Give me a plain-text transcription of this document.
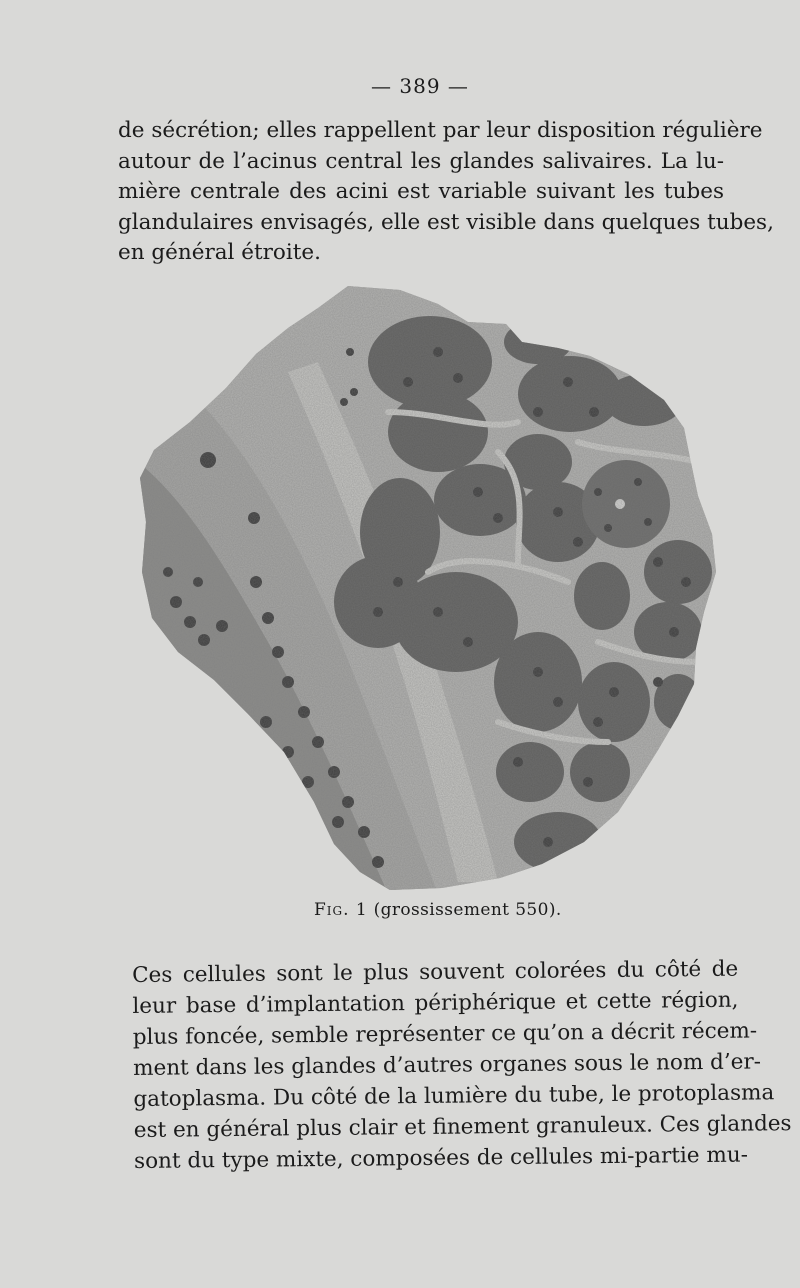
— 389 —
de sécrétion; elles rappellent par leur disposition régulière
autour de l’acinus central les glandes salivaires. La lu-
mière centrale des acini est variable suivant les tubes
glandulaires envisagés, elle est visible dans quelques tubes,
en général étroite.
Fig. 1 (grossissement 550).
Ces cellules sont le plus souvent colorées du côté de
leur base d’implantation périphérique et cette région,
plus foncée, semble représenter ce qu’on a décrit récem-
ment dans les glandes d’autres organes sous le nom d’er-
gatoplasma. Du côté de la lumière du tube, le protoplasma
est en général plus clair et finement granuleux. Ces glandes
sont du type mixte, composées de cellules mi-partie mu-
